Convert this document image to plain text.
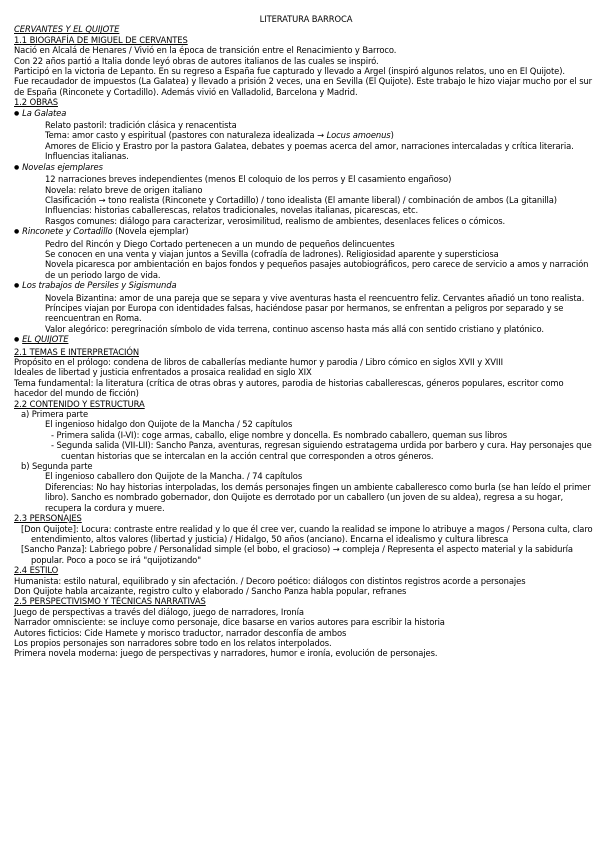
LITERATURA BARROCA
CERVANTES Y EL QUIJOTE
1.1 BIOGRAFÍA DE MIGUEL DE CERVANTES
Nació en Alcalá de Henares / Vivió en la época de transición entre el Renacimiento y Barroco.
Con 22 años partió a Italia donde leyó obras de autores italianos de las cuales se inspiró.
Participó en la victoria de Lepanto. En su regreso a España fue capturado y llevado a Argel (inspiró algunos relatos, uno en El Quijote).
Fue recaudador de impuestos (La Galatea) y llevado a prisión 2 veces, una en Sevilla (El Quijote). Este trabajo le hizo viajar mucho por el sur de España (Rinconete y Cortadillo). Además vivió en Valladolid, Barcelona y Madrid.
1.2 OBRAS
● La Galatea
Relato pastoril: tradición clásica y renacentista
Tema: amor casto y espiritual (pastores con naturaleza idealizada → Locus amoenus)
Amores de Elicio y Erastro por la pastora Galatea, debates y poemas acerca del amor, narraciones intercaladas y crítica literaria. Influencias italianas.
● Novelas ejemplares
12 narraciones breves independientes (menos El coloquio de los perros y El casamiento engañoso)
Novela: relato breve de origen italiano
Clasificación → tono realista (Rinconete y Cortadillo) / tono idealista (El amante liberal) / combinación de ambos (La gitanilla)
Influencias: historias caballerescas, relatos tradicionales, novelas italianas, picarescas, etc.
Rasgos comunes: diálogo para caracterizar, verosimilitud, realismo de ambientes, desenlaces felices o cómicos.
● Rinconete y Cortadillo (Novela ejemplar)
Pedro del Rincón y Diego Cortado pertenecen a un mundo de pequeños delincuentes
Se conocen en una venta y viajan juntos a Sevilla (cofradía de ladrones). Religiosidad aparente y supersticiosa
Novela picaresca por ambientación en bajos fondos y pequeños pasajes autobiográficos, pero carece de servicio a amos y narración de un periodo largo de vida.
● Los trabajos de Persiles y Sigismunda
Novela Bizantina: amor de una pareja que se separa y vive aventuras hasta el reencuentro feliz. Cervantes añadió un tono realista.
Príncipes viajan por Europa con identidades falsas, haciéndose pasar por hermanos, se enfrentan a peligros por separado y se reencuentran en Roma.
Valor alegórico: peregrinación símbolo de vida terrena, continuo ascenso hasta más allá con sentido cristiano y platónico.
● EL QUIJOTE
2.1 TEMAS E INTERPRETACIÓN
Propósito en el prólogo: condena de libros de caballerías mediante humor y parodia / Libro cómico en siglos XVII y XVIII
Ideales de libertad y justicia enfrentados a prosaica realidad en siglo XIX
Tema fundamental: la literatura (crítica de otras obras y autores, parodia de historias caballerescas, géneros populares, escritor como hacedor del mundo de ficción)
2.2 CONTENIDO Y ESTRUCTURA
a) Primera parte
El ingenioso hidalgo don Quijote de la Mancha / 52 capítulos
- Primera salida (I-VI): coge armas, caballo, elige nombre y doncella. Es nombrado caballero, queman sus libros
- Segunda salida (VII-LII): Sancho Panza, aventuras, regresan siguiendo estratagema urdida por barbero y cura. Hay personajes que cuentan historias que se intercalan en la acción central que corresponden a otros géneros.
b) Segunda parte
El ingenioso caballero don Quijote de la Mancha. / 74 capítulos
Diferencias: No hay historias interpoladas, los demás personajes fingen un ambiente caballeresco como burla (se han leído el primer libro). Sancho es nombrado gobernador, don Quijote es derrotado por un caballero (un joven de su aldea), regresa a su hogar, recupera la cordura y muere.
2.3 PERSONAJES
[Don Quijote]: Locura: contraste entre realidad y lo que él cree ver, cuando la realidad se impone lo atribuye a magos / Persona culta, claro entendimiento, altos valores (libertad y justicia) / Hidalgo, 50 años (anciano). Encarna el idealismo y cultura libresca
[Sancho Panza]: Labriego pobre / Personalidad simple (el bobo, el gracioso) → compleja / Representa el aspecto material y la sabiduría popular. Poco a poco se irá "quijotizando"
2.4 ESTILO
Humanista: estilo natural, equilibrado y sin afectación. / Decoro poético: diálogos con distintos registros acorde a personajes
Don Quijote habla arcaizante, registro culto y elaborado / Sancho Panza habla popular, refranes
2.5 PERSPECTIVISMO Y TÉCNICAS NARRATIVAS
Juego de perspectivas a través del diálogo, juego de narradores, Ironía
Narrador omnisciente: se incluye como personaje, dice basarse en varios autores para escribir la historia
Autores ficticios: Cide Hamete y morisco traductor, narrador desconfía de ambos
Los propios personajes son narradores sobre todo en los relatos interpolados.
Primera novela moderna: juego de perspectivas y narradores, humor e ironía, evolución de personajes.
